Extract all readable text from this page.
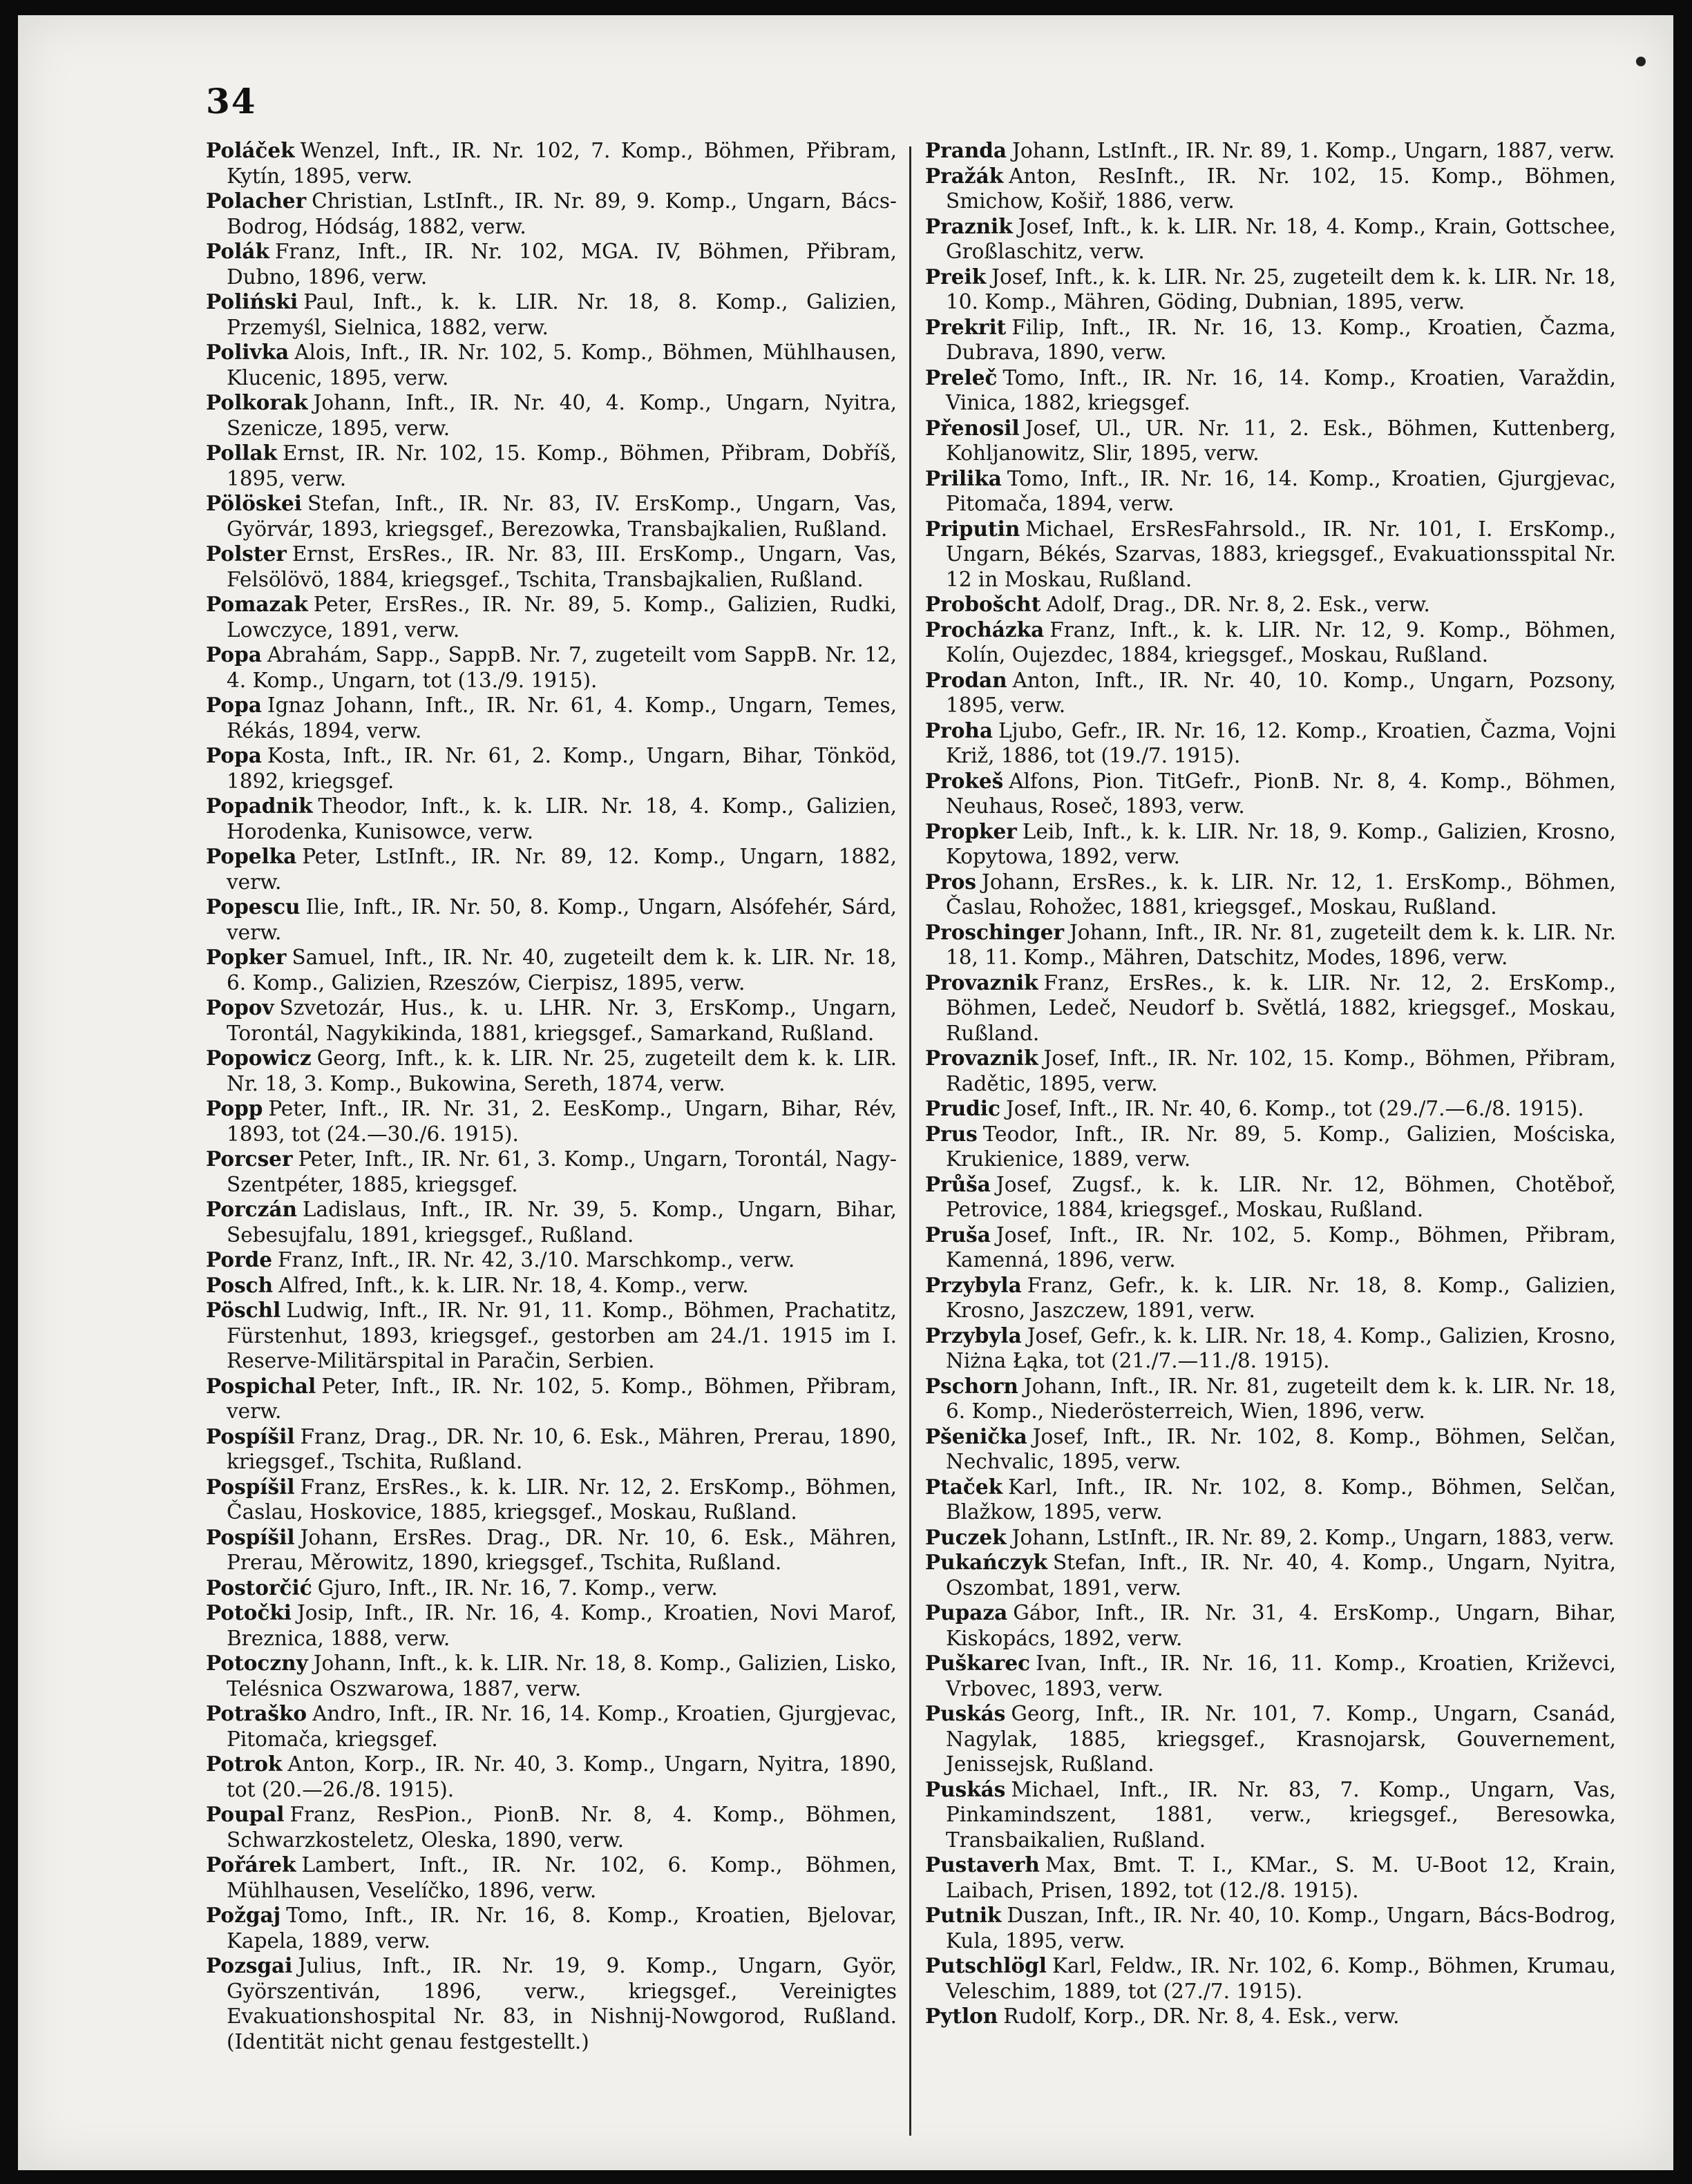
34

Poláček Wenzel, Inft., IR. Nr. 102, 7. Komp., Böhmen, Přibram, Kytín, 1895, verw.

Polacher Christian, LstInft., IR. Nr. 89, 9. Komp., Ungarn, Bács-Bodrog, Hódság, 1882, verw.

Polák Franz, Inft., IR. Nr. 102, MGA. IV, Böhmen, Přibram, Dubno, 1896, verw.

Poliński Paul, Inft., k. k. LIR. Nr. 18, 8. Komp., Galizien, Przemyśl, Sielnica, 1882, verw.

Polivka Alois, Inft., IR. Nr. 102, 5. Komp., Böhmen, Mühlhausen, Klucenic, 1895, verw.

Polkorak Johann, Inft., IR. Nr. 40, 4. Komp., Ungarn, Nyitra, Szenicze, 1895, verw.

Pollak Ernst, IR. Nr. 102, 15. Komp., Böhmen, Přibram, Dobříš, 1895, verw.

Pölöskei Stefan, Inft., IR. Nr. 83, IV. ErsKomp., Ungarn, Vas, Györvár, 1893, kriegsgef., Berezowka, Transbajkalien, Rußland.

Polster Ernst, ErsRes., IR. Nr. 83, III. ErsKomp., Ungarn, Vas, Felsölövö, 1884, kriegsgef., Tschita, Transbajkalien, Rußland.

Pomazak Peter, ErsRes., IR. Nr. 89, 5. Komp., Galizien, Rudki, Lowczyce, 1891, verw.

Popa Abrahám, Sapp., SappB. Nr. 7, zugeteilt vom SappB. Nr. 12, 4. Komp., Ungarn, tot (13./9. 1915).

Popa Ignaz Johann, Inft., IR. Nr. 61, 4. Komp., Ungarn, Temes, Rékás, 1894, verw.

Popa Kosta, Inft., IR. Nr. 61, 2. Komp., Ungarn, Bihar, Tönköd, 1892, kriegsgef.

Popadnik Theodor, Inft., k. k. LIR. Nr. 18, 4. Komp., Galizien, Horodenka, Kunisowce, verw.

Popelka Peter, LstInft., IR. Nr. 89, 12. Komp., Ungarn, 1882, verw.

Popescu Ilie, Inft., IR. Nr. 50, 8. Komp., Ungarn, Alsófehér, Sárd, verw.

Popker Samuel, Inft., IR. Nr. 40, zugeteilt dem k. k. LIR. Nr. 18, 6. Komp., Galizien, Rzeszów, Cierpisz, 1895, verw.

Popov Szvetozár, Hus., k. u. LHR. Nr. 3, ErsKomp., Ungarn, Torontál, Nagykikinda, 1881, kriegsgef., Samarkand, Rußland.

Popowicz Georg, Inft., k. k. LIR. Nr. 25, zugeteilt dem k. k. LIR. Nr. 18, 3. Komp., Bukowina, Sereth, 1874, verw.

Popp Peter, Inft., IR. Nr. 31, 2. EesKomp., Ungarn, Bihar, Rév, 1893, tot (24.—30./6. 1915).

Porcser Peter, Inft., IR. Nr. 61, 3. Komp., Ungarn, Torontál, Nagy-Szentpéter, 1885, kriegsgef.

Porczán Ladislaus, Inft., IR. Nr. 39, 5. Komp., Ungarn, Bihar, Sebesujfalu, 1891, kriegsgef., Rußland.

Porde Franz, Inft., IR. Nr. 42, 3./10. Marschkomp., verw.

Posch Alfred, Inft., k. k. LIR. Nr. 18, 4. Komp., verw.

Pöschl Ludwig, Inft., IR. Nr. 91, 11. Komp., Böhmen, Prachatitz, Fürstenhut, 1893, kriegsgef., gestorben am 24./1. 1915 im I. Reserve-Militärspital in Paračin, Serbien.

Pospichal Peter, Inft., IR. Nr. 102, 5. Komp., Böhmen, Přibram, verw.

Pospíšil Franz, Drag., DR. Nr. 10, 6. Esk., Mähren, Prerau, 1890, kriegsgef., Tschita, Rußland.

Pospíšil Franz, ErsRes., k. k. LIR. Nr. 12, 2. ErsKomp., Böhmen, Časlau, Hoskovice, 1885, kriegsgef., Moskau, Rußland.

Pospíšil Johann, ErsRes. Drag., DR. Nr. 10, 6. Esk., Mähren, Prerau, Měrowitz, 1890, kriegsgef., Tschita, Rußland.

Postorčić Gjuro, Inft., IR. Nr. 16, 7. Komp., verw.

Potočki Josip, Inft., IR. Nr. 16, 4. Komp., Kroatien, Novi Marof, Breznica, 1888, verw.

Potoczny Johann, Inft., k. k. LIR. Nr. 18, 8. Komp., Galizien, Lisko, Telésnica Oszwarowa, 1887, verw.

Potraško Andro, Inft., IR. Nr. 16, 14. Komp., Kroatien, Gjurgjevac, Pitomača, kriegsgef.

Potrok Anton, Korp., IR. Nr. 40, 3. Komp., Ungarn, Nyitra, 1890, tot (20.—26./8. 1915).

Poupal Franz, ResPion., PionB. Nr. 8, 4. Komp., Böhmen, Schwarzkosteletz, Oleska, 1890, verw.

Pořárek Lambert, Inft., IR. Nr. 102, 6. Komp., Böhmen, Mühlhausen, Veselíčko, 1896, verw.

Požgaj Tomo, Inft., IR. Nr. 16, 8. Komp., Kroatien, Bjelovar, Kapela, 1889, verw.

Pozsgai Julius, Inft., IR. Nr. 19, 9. Komp., Ungarn, Györ, Györszentiván, 1896, verw., kriegsgef., Vereinigtes Evakuationshospital Nr. 83, in Nishnij-Nowgorod, Rußland. (Identität nicht genau festgestellt.)

Pranda Johann, LstInft., IR. Nr. 89, 1. Komp., Ungarn, 1887, verw.

Pražák Anton, ResInft., IR. Nr. 102, 15. Komp., Böhmen, Smichow, Košiř, 1886, verw.

Praznik Josef, Inft., k. k. LIR. Nr. 18, 4. Komp., Krain, Gottschee, Großlaschitz, verw.

Preik Josef, Inft., k. k. LIR. Nr. 25, zugeteilt dem k. k. LIR. Nr. 18, 10. Komp., Mähren, Göding, Dubnian, 1895, verw.

Prekrit Filip, Inft., IR. Nr. 16, 13. Komp., Kroatien, Čazma, Dubrava, 1890, verw.

Preleč Tomo, Inft., IR. Nr. 16, 14. Komp., Kroatien, Varaždin, Vinica, 1882, kriegsgef.

Přenosil Josef, Ul., UR. Nr. 11, 2. Esk., Böhmen, Kuttenberg, Kohljanowitz, Slir, 1895, verw.

Prilika Tomo, Inft., IR. Nr. 16, 14. Komp., Kroatien, Gjurgjevac, Pitomača, 1894, verw.

Priputin Michael, ErsResFahrsold., IR. Nr. 101, I. ErsKomp., Ungarn, Békés, Szarvas, 1883, kriegsgef., Evakuationsspital Nr. 12 in Moskau, Rußland.

Probošcht Adolf, Drag., DR. Nr. 8, 2. Esk., verw.

Procházka Franz, Inft., k. k. LIR. Nr. 12, 9. Komp., Böhmen, Kolín, Oujezdec, 1884, kriegsgef., Moskau, Rußland.

Prodan Anton, Inft., IR. Nr. 40, 10. Komp., Ungarn, Pozsony, 1895, verw.

Proha Ljubo, Gefr., IR. Nr. 16, 12. Komp., Kroatien, Čazma, Vojni Križ, 1886, tot (19./7. 1915).

Prokeš Alfons, Pion. TitGefr., PionB. Nr. 8, 4. Komp., Böhmen, Neuhaus, Roseč, 1893, verw.

Propker Leib, Inft., k. k. LIR. Nr. 18, 9. Komp., Galizien, Krosno, Kopytowa, 1892, verw.

Pros Johann, ErsRes., k. k. LIR. Nr. 12, 1. ErsKomp., Böhmen, Časlau, Rohožec, 1881, kriegsgef., Moskau, Rußland.

Proschinger Johann, Inft., IR. Nr. 81, zugeteilt dem k. k. LIR. Nr. 18, 11. Komp., Mähren, Datschitz, Modes, 1896, verw.

Provaznik Franz, ErsRes., k. k. LIR. Nr. 12, 2. ErsKomp., Böhmen, Ledeč, Neudorf b. Světlá, 1882, kriegsgef., Moskau, Rußland.

Provaznik Josef, Inft., IR. Nr. 102, 15. Komp., Böhmen, Přibram, Radětic, 1895, verw.

Prudic Josef, Inft., IR. Nr. 40, 6. Komp., tot (29./7.—6./8. 1915).

Prus Teodor, Inft., IR. Nr. 89, 5. Komp., Galizien, Mościska, Krukienice, 1889, verw.

Průša Josef, Zugsf., k. k. LIR. Nr. 12, Böhmen, Chotěboř, Petrovice, 1884, kriegsgef., Moskau, Rußland.

Pruša Josef, Inft., IR. Nr. 102, 5. Komp., Böhmen, Přibram, Kamenná, 1896, verw.

Przybyla Franz, Gefr., k. k. LIR. Nr. 18, 8. Komp., Galizien, Krosno, Jaszczew, 1891, verw.

Przybyla Josef, Gefr., k. k. LIR. Nr. 18, 4. Komp., Galizien, Krosno, Niżna Łąka, tot (21./7.—11./8. 1915).

Pschorn Johann, Inft., IR. Nr. 81, zugeteilt dem k. k. LIR. Nr. 18, 6. Komp., Niederösterreich, Wien, 1896, verw.

Pšenička Josef, Inft., IR. Nr. 102, 8. Komp., Böhmen, Selčan, Nechvalic, 1895, verw.

Ptaček Karl, Inft., IR. Nr. 102, 8. Komp., Böhmen, Selčan, Blažkow, 1895, verw.

Puczek Johann, LstInft., IR. Nr. 89, 2. Komp., Ungarn, 1883, verw.

Pukańczyk Stefan, Inft., IR. Nr. 40, 4. Komp., Ungarn, Nyitra, Oszombat, 1891, verw.

Pupaza Gábor, Inft., IR. Nr. 31, 4. ErsKomp., Ungarn, Bihar, Kiskopács, 1892, verw.

Puškarec Ivan, Inft., IR. Nr. 16, 11. Komp., Kroatien, Križevci, Vrbovec, 1893, verw.

Puskás Georg, Inft., IR. Nr. 101, 7. Komp., Ungarn, Csanád, Nagylak, 1885, kriegsgef., Krasnojarsk, Gouvernement, Jenissejsk, Rußland.

Puskás Michael, Inft., IR. Nr. 83, 7. Komp., Ungarn, Vas, Pinkamindszent, 1881, verw., kriegsgef., Beresowka, Transbaikalien, Rußland.

Pustaverh Max, Bmt. T. I., KMar., S. M. U-Boot 12, Krain, Laibach, Prisen, 1892, tot (12./8. 1915).

Putnik Duszan, Inft., IR. Nr. 40, 10. Komp., Ungarn, Bács-Bodrog, Kula, 1895, verw.

Putschlögl Karl, Feldw., IR. Nr. 102, 6. Komp., Böhmen, Krumau, Veleschim, 1889, tot (27./7. 1915).

Pytlon Rudolf, Korp., DR. Nr. 8, 4. Esk., verw.
